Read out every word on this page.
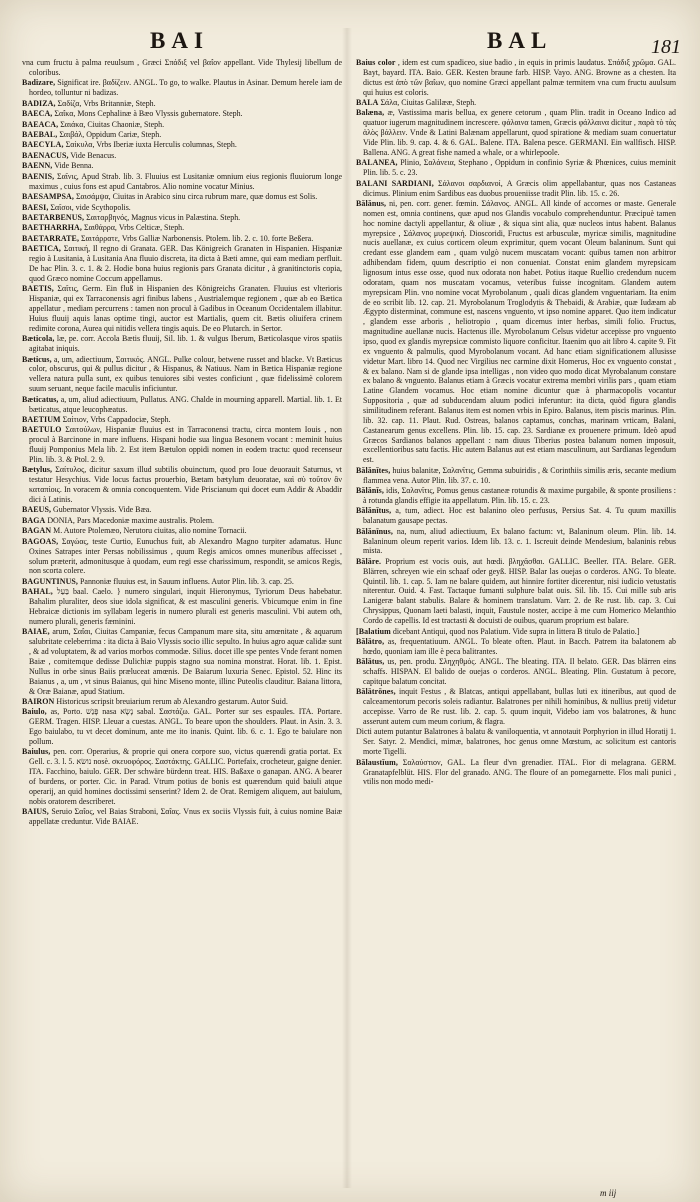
BAI	BAL	181

vna cum fructu à palma reuulsum , Græci Σπάδιξ vel βαΐον appellant. Vide Thylesij libellum de coloribus.

Badizare, Significat ire. βαδίζειν. ANGL. To go, to walke. Plautus in Asinar. Demum herele iam de hordeo, tolluntur ni badizas.

BADIZA, Σαδίζα, Vrbs Britanniæ, Steph.

BAECA, Σαΐκα, Mons Cephalinæ à Bæo Vlyssis gubernatore. Steph.

BAEACA, Σαιάκα, Ciuitas Chaoniæ, Steph.

BAEBAL, Σαιβάλ, Oppidum Cariæ, Steph.

BAECYLA, Σαίκυλα, Vrbs Iberiæ iuxta Herculis columnas, Steph.

BAENACUS, Vide Benacus.

BAENN, Vide Benna.

BAENIS, Σαῖνις, Apud Strab. lib. 3. Fluuius est Lusitaniæ omnium eius regionis fluuiorum longe maximus , cuius fons est apud Cantabros. Alio nomine vocatur Minius.

BAESAMPSA, Σαισάμψα, Ciuitas in Arabico sinu circa rubrum mare, quæ domus est Solis.

BAESI, Σαῖσοι, vide Scythopolis.

BAETARBENUS, Σαιταρβηνός, Magnus vicus in Palæstina. Steph.

BAETHARRHA, Σαιθάρρα, Vrbs Celticæ, Steph.

BAETARRATE, Σαιτάρρατε, Vrbs Galliæ Narbonensis. Ptolem. lib. 2. c. 10. forte Beßera.

BAETICA, Σαιτική, Il regno di Granata. GER. Das Königreich Granaten in Hispanien. Hispaniæ regio à Lusitania, à Lusitania Ana fluuio discreta, ita dicta à Bæti amne, qui eam mediam perfluit. De hac Plin. 3. c. 1. & 2. Hodie bona huius regionis pars Granata dicitur , à granitinctoris copia, quod Græco nomine Coccum appellamus.

BAETIS, Σαῖτις, Germ. Ein fluß in Hispanien des Königreichs Granaten. Fluuius est vlterioris Hispaniæ, qui ex Tarraconensis agri finibus labens , Austrialemque regionem , quæ ab eo Bætica appellatur , mediam percurrens : tamen non procul à Gadibus in Oceanum Occidentalem illabitur. Huius fluuij aquis lanas optime tingi, auctor est Martialis, quem cit. Bætis oliuifera crinem redimite corona, Aurea qui nitidis vellera tingis aquis. De eo Plutarch. in Sertor.

Bæticola, læ, pe. corr. Accola Bætis fluuij, Sil. lib. 1. & vulgus Iberum, Bæticolasque viros spatiis agitabat iniquis.

Bæticus, a, um, adiectiuum, Σαιτικός. ANGL. Pulke colour, betwene russet and blacke. Vt Bæticus color, obscurus, qui & pullus dicitur , & Hispanus, & Natiuus. Nam in Bætica Hispaniæ regione vellera natura pulla sunt, ex quibus tenuiores sibi vestes conficiunt , quæ fidelissimè colorem suum seruant, neque facile maculis inficiuntur.

Bæticatus, a, um, aliud adiectiuum, Pullatus. ANG. Chalde in mourning apparell. Martial. lib. 1. Et bæticatus, atque leucophæatus.

BAETIUM Σαίτιον, Vrbs Cappadociæ, Steph.

BAETULO Σαιτούλων, Hispaniæ fluuius est in Tarraconensi tractu, circa montem Iouis , non procul à Barcinone in mare influens. Hispani hodie sua lingua Besonem vocant : meminit huius fluuij Pomponius Mela lib. 2. Est item Bætulon oppidi nomen in eodem tractu: quod recenseur Plin. lib. 3. & Ptol. 2. 9.

Bætylus, Σαίτυλος, dicitur saxum illud subtilis obuinctum, quod pro Ioue deuorauit Saturnus, vt testatur Hesychius. Vide locus factus prouerbio, Bætam bætylum deuoratae, καὶ σὺ τοῦτον ἂν καταπίοις. In voracem & omnia concoquentem. Vide Priscianum qui docet eum Addir & Abaddir dici à Latinis.

BAEUS, Gubernator Vlyssis. Vide Bæa.

BAGA DONIA, Pars Macedoniæ maxime australis. Ptolem.

BAGAN M. Autore Ptolemæo, Nerutoru ciuitas, alio nomine Tornacii.

BAGOAS, Σαγώας, teste Curtio, Eunuchus fuit, ab Alexandro Magno turpiter adamatus. Hunc Oxines Satrapes inter Persas nobilissimus , quum Regis amicos omnes muneribus affecisset , solum præterit, admonitusque à quodam, eum regi esse charissimum, respondit, se amicos Regis, non scorta colere.

BAGUNTINUS, Pannoniæ fluuius est, in Sauum influens. Autor Plin. lib. 3. cap. 25.

BAHAL, בַּעַל baal. Caelo. } numero singulari, inquit Hieronymus, Tyriorum Deus habebatur. Bahalim pluraliter, deos siue idola significat, & est masculini generis. Vbicumque enim in fine Hebraicæ dictionis im syllabam legeris in numero plurali est generis masculini. Vbi autem oth, numero plurali, generis fæminini.

BAIAE, arum, Σαΐαι, Ciuitas Campaniæ, fecus Campanum mare sita, situ amœnitate , & aquarum salubritate celeberrima : ita dicta à Baio Vlyssis socio illic sepulto. In huius agro aquæ calidæ sunt , & ad voluptatem, & ad varios morbos commodæ. Silius. docet ille spe pentes Vnde ferant nomen Baiæ , comitemque dedisse Dulichiæ puppis stagno sua nomina monstrat. Horat. lib. 1. Epist. Nullus in orbe sinus Baiis præluceat amœnis. De Baiarum luxuria Senec. Epistol. 52. Hinc its Baianus , a, um , vt sinus Baianus, qui hinc Miseno monte, illinc Puteolis clauditur. Baiana littora, & Oræ Baianæ, apud Statium.

BAIRON Historicus scripsit breuiarium rerum ab Alexandro gestarum. Autor Suid.

Baiulo, as, Porto. פָּנַשׁ nasa נָשָׂא sabal. Σαστάζω. GAL. Porter sur ses espaules. ITA. Portare. GERM. Tragen. HISP. Lleuar a cuestas. ANGL. To beare upon the shoulders. Plaut. in Asin. 3. 3. Ego baiulabo, tu vt decet dominum, ante me ito inanis. Quint. lib. 6. c. 1. Ego te baiulare non pollum.

Baiulus, pen. corr. Operarius, & proprie qui onera corpore suo, victus quærendi gratia portat. Ex Gell. c. 3. l. 5. נושׂא nosè. σκευοφόρος. Σαστάκτης. GALLIC. Portefaix, crocheteur, gaigne denier. ITA. Facchino, baiulo. GER. Der schwäre bürdenn treat. HIS. Baßaxe o ganapan. ANG. A bearer of burdens, or porter. Cic. in Parad. Vtrum potius de bonis est quærendum quid baiuli atque operarij, an quid homines doctissimi senserint? Idem 2. de Orat. Remigem aliquem, aut baiulum, nobis oratorem describeret.

BAIUS, Seruio Σαΐος, vel Baias Straboni, Σαΐας. Vnus ex sociis Vlyssis fuit, à cuius nomine Baiæ appellatæ creduntur. Vide BAIAE.

Baius color , idem est cum spadiceo, siue badio , in equis in primis laudatus. Σπάδιξ χρῶμα. GAL. Bayt, bayard. ITA. Baio. GER. Kesten braune farb. HISP. Vayo. ANG. Browne as a chesten. Ita dictus est ἀπὸ τῶν βαΐων, quo nomine Græci appellant palmæ termitem vna cum fructu auulsum qui huius est coloris.

BALA Σάλα, Ciuitas Galilææ, Steph.

Balæna, æ, Vastissima maris bellua, ex genere cetorum , quam Plin. tradit in Oceano Indico ad quatuor iugerum magnitudinem increscere. φάλαινα tamen, Græcis φάλλαινα dicitur , παρὰ τὸ τὰς ἁλὸς βάλλειν. Vnde & Latini Balænam appellarunt, quod spiratione & mediam suam conuertatur Vide Plin. lib. 9. cap. 4. & 6. GAL. Balene. ITA. Balena pesce. GERMANI. Ein wallfisch. HISP. Ballena. ANG. A great fishe named a whale, or a whirlepoole.

BALANEA, Plinio, Σαλάνεια, Stephano , Oppidum in confinio Syriæ & Phœnices, cuius meminit Plin. lib. 5. c. 23.

BALANI SARDIANI, Σάλανοι σαρδιανοί, A Græcis olim appellabantur, quas nos Castaneas dicimus. Plinium enim Sardibus eas duobus proueniisse tradit Plin. lib. 15. c. 26.

Bălănus, ni, pen. corr. gener. fœmin. Σάλανος. ANGL. All kinde of accornes or maste. Generale nomen est, omnia continens, quæ apud nos Glandis vocabulo comprehenduntur. Præcipuè tamen hoc nomine dactyli appellantur, & oliuæ , & siqua sint alia, quæ nucleos intus habent. Balanus myrepsice , Σάλανος μυρεψική. Dioscoridi, Fructus est arbusculæ, myricæ similis, magnitudine nucis auellanæ, ex cuius corticem oleum exprimitur, quem vocant Oleum balaninum. Sunt qui credant esse glandem eam , quam vulgò nucem muscatam vocant: quibus tamen non arbitror adhibendam fidem, quum descriptio ei non conueniat. Constat enim glandem myrepsicam lignosum intus esse osse, quod nux odorata non habet. Potius itaque Ruellio credendum nucem odoratam, quam nos muscatam vocamus, veteribus fuisse incognitam. Glandem autem myrepsicam Plin. vno nomine vocat Myrobolanum , quali dicas glandem vnguentariam. Ita enim de eo scribit lib. 12. cap. 21. Myrobolanum Troglodytis & Thebaidi, & Arabiæ, quæ Iudæam ab Ægypto disterminat, commune est, nascens vnguento, vt ipso nomine apparet. Quo item indicatur , glandem esse arboris , heliotropio , quam dicemus inter herbas, simili folio. Fructus, magnitudine auellanæ nucis. Hactenus ille. Myrobolanum Celsus videtur accepisse pro vnguento ipso, quod ex glandis myrepsicæ commisto liquore conficitur. Itaenim quo ait libro 4. capite 9. Fit ex vnguento & palmulis, quod Myrobolanum vocant. Ad hanc etiam significationem allusisse videtur Mart. libro 14. Quod nec Virgilius nec carmine dixit Homerus, Hoc ex vnguento constat , & ex balano. Nam si de glande ipsa intelligas , non video quo modo dicat Myrobalanum constare ex balano & vnguento. Balanus etiam à Græcis vocatur extrema membri virilis pars , quam etiam Latine Glandem vocamus. Hoc etiam nomine dicuntur quæ à pharmacopolis vocantur Suppositoria , quæ ad subducendam aluum podici inferuntur: ita dicta, quòd figura glandis similitudinem referant. Balanus item est nomen vrbis in Epiro. Balanus, item piscis marinus. Plin. lib. 32. cap. 11. Plaut. Rud. Ostreas, balanos captamus, conchas, marinam vrticam, Balani, Castanearum genus excellens. Plin. lib. 15. cap. 23. Sardianæ ex prouenere primum. Ideò apud Græcos Sardianos balanos appellant : nam diuus Tiberius postea balanum nomen imposuit, excellentioribus satu factis. Hic autem Balanus aut est etiam masculinum, aut Sardianas legendum est.

Bălănĭtes, huius balanitæ, Σαλανῖτις, Gemma subuiridis , & Corinthiis similis æris, secante medium flammea vena. Autor Plin. lib. 37. c. 10.

Bălănĭs, idis, Σαλανῖτις, Pomus genus castaneæ rotundis & maxime purgabile, & sponte prosiliens : à rotunda glandis effigie ita appellatum. Plin. lib. 15. c. 23.

Bălănĭtus, a, tum, adiect. Hoc est balanino oleo perfusus, Persius Sat. 4. Tu quum maxillis balanatum gausape pectas.

Bălănīnus, na, num, aliud adiectiuum, Ex balano factum: vt, Balaninum oleum. Plin. lib. 14. Balaninum oleum reperit varios. Idem lib. 13. c. 1. Iscreuit deinde Mendesium, balaninis rebus mista.

Bălāre. Proprium est vocis ouis, aut hœdi. βληχᾶσθαι. GALLIC. Beeller. ITA. Belare. GER. Blärren, schreyen wie ein schaaf oder geyß. HISP. Balar las ouejas o corderos. ANG. To bleate. Quintil. lib. 1. cap. 5. Iam ne balare quidem, aut hinnire fortiter dicerentur, nisi iudicio vetustatis niterentur. Ouid. 4. Fast. Tactaque fumanti sulphure balat ouis. Sil. lib. 15. Cui mille sub aris Lanigeræ balant stabulis. Balare & hominem translatum. Varr. 2. de Re rust. lib. cap. 3. Cui Chrysippus, Quonam laeti balasti, inquit, Faustule noster, accipe à me cum Homerico Melanthio Cordo de capellis. Id est tractasti & docuisti de ouibus, quarum proprium est balare.

[Balatium dicebant Antiqui, quod nos Palatium. Vide supra in littera B titulo de Palatio.]

Bălātro, as, frequentatiuum. ANGL. To bleate often. Plaut. in Bacch. Patrem ita balatonem ab hœdo, quoniam iam ille è peca balitrantes.

Bălātus, us, pen. produ. Σληχηθμός. ANGL. The bleating. ITA. Il belato. GER. Das blärren eins schaffs. HISPAN. El balido de ouejas o corderos. ANGL. Bleating. Plin. Gustatum à pecore, capitque balatum concitat.

Bălātrōnes, inquit Festus , & Blatcas, antiqui appellabant, bullas luti ex itineribus, aut quod de calceamentorum pecoris soleis radiantur. Balatrones per nihili hominibus, & nullius pretij videtur accepisse. Varro de Re rust. lib. 2. cap. 5. quum inquit, Videbo iam vos balatrones, & hunc asserunt autem cum meum corium, & flagra.

Dicti autem putantur Balatrones à balatu & vaniloquentia, vt annotauit Porphyrion in illud Horatij 1. Ser. Satyr. 2. Mendici, mimæ, balatrones, hoc genus omne Mœstum, ac solicitum est cantoris morte Tigelli.

Bălaustĭum, Σαλαύστιον, GAL. La fleur d'vn grenadier. ITAL. Fior di melagrana. GERM. Granatapfelblüt. HIS. Flor del granado. ANG. The floure of an pomegarnette. Flos mali punici , vtilis non modo medi-

m iij
